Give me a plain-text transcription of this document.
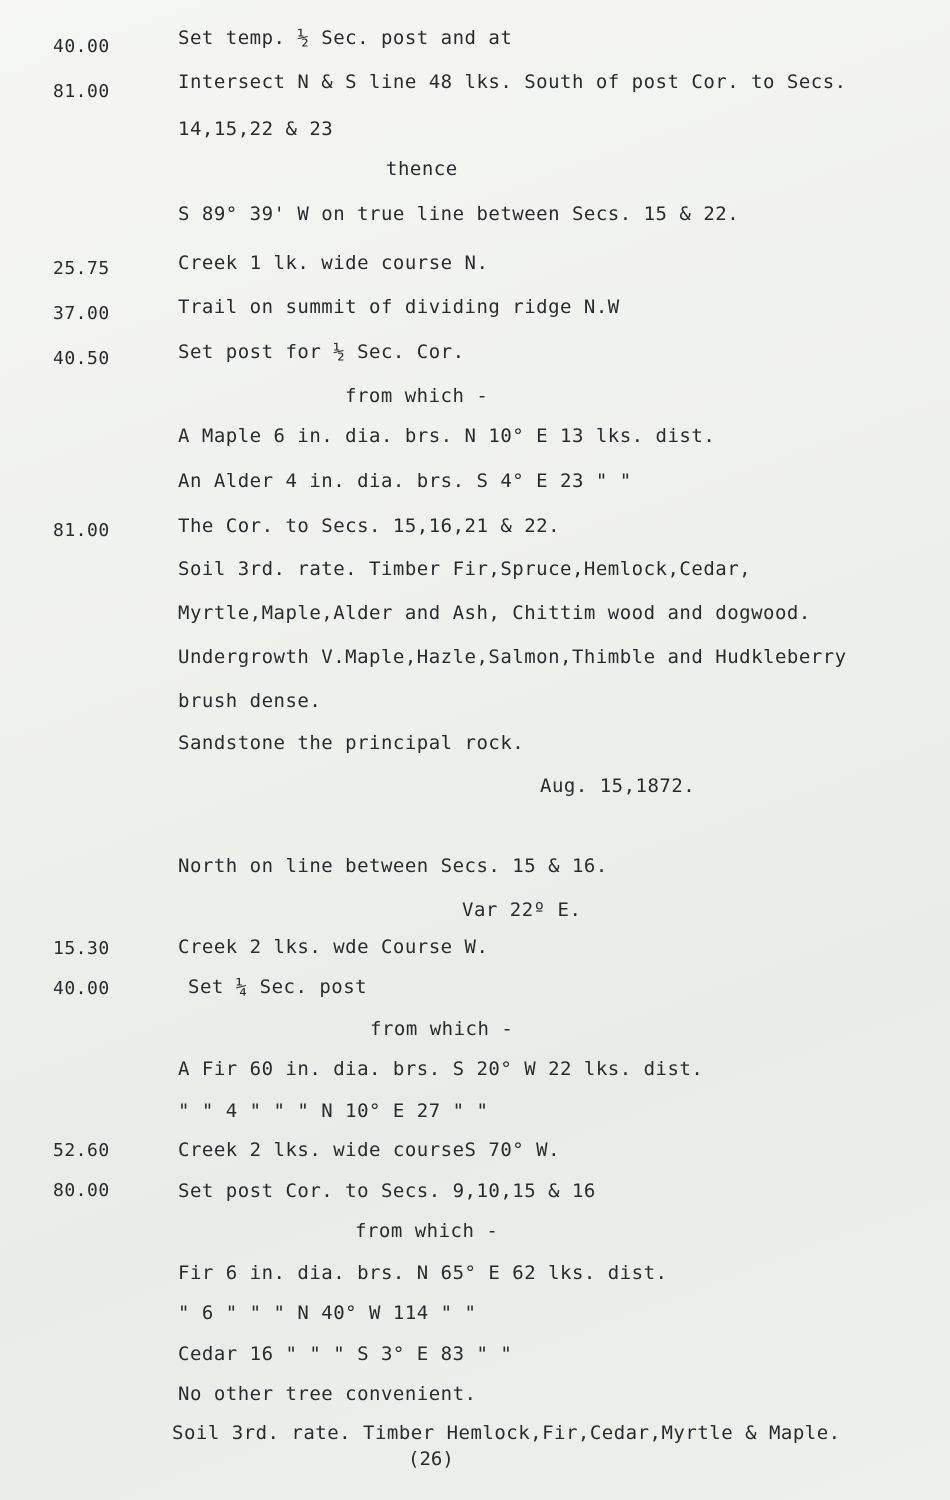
40.00	Set temp. ½ Sec. post and at
81.00	Intersect N & S line 48 lks. South of post Cor. to Secs.
14,15,22 & 23
thence
S 89° 39' W on true line between Secs. 15 & 22.
25.75	Creek 1 lk. wide course N.
37.00	Trail on summit of dividing ridge N.W
40.50	Set post for ½ Sec. Cor.
from which -
A Maple 6 in. dia. brs. N 10° E 13 lks. dist.
An Alder 4 in. dia. brs. S 4° E 23 " "
81.00	The Cor. to Secs. 15,16,21 & 22.
Soil 3rd. rate. Timber Fir,Spruce,Hemlock,Cedar,
Myrtle,Maple,Alder and Ash, Chittim wood and dogwood.
Undergrowth V.Maple,Hazle,Salmon,Thimble and Hudkleberry
brush dense.
Sandstone the principal rock.
Aug. 15,1872.
North on line between Secs. 15 & 16.
Var 22º E.
15.30	Creek 2 lks. wde Course W.
40.00	Set ¼ Sec. post
from which -
A Fir 60 in. dia. brs. S 20° W 22 lks. dist.
" " 4 " " " N 10° E 27 " "
52.60	Creek 2 lks. wide courseS 70° W.
80.00	Set post Cor. to Secs. 9,10,15 & 16
from which -
Fir 6 in. dia. brs. N 65° E 62 lks. dist.
" 6 " " " N 40° W 114 " "
Cedar 16 " " " S 3° E 83 " "
No other tree convenient.
Soil 3rd. rate. Timber Hemlock,Fir,Cedar,Myrtle & Maple.
(26)
